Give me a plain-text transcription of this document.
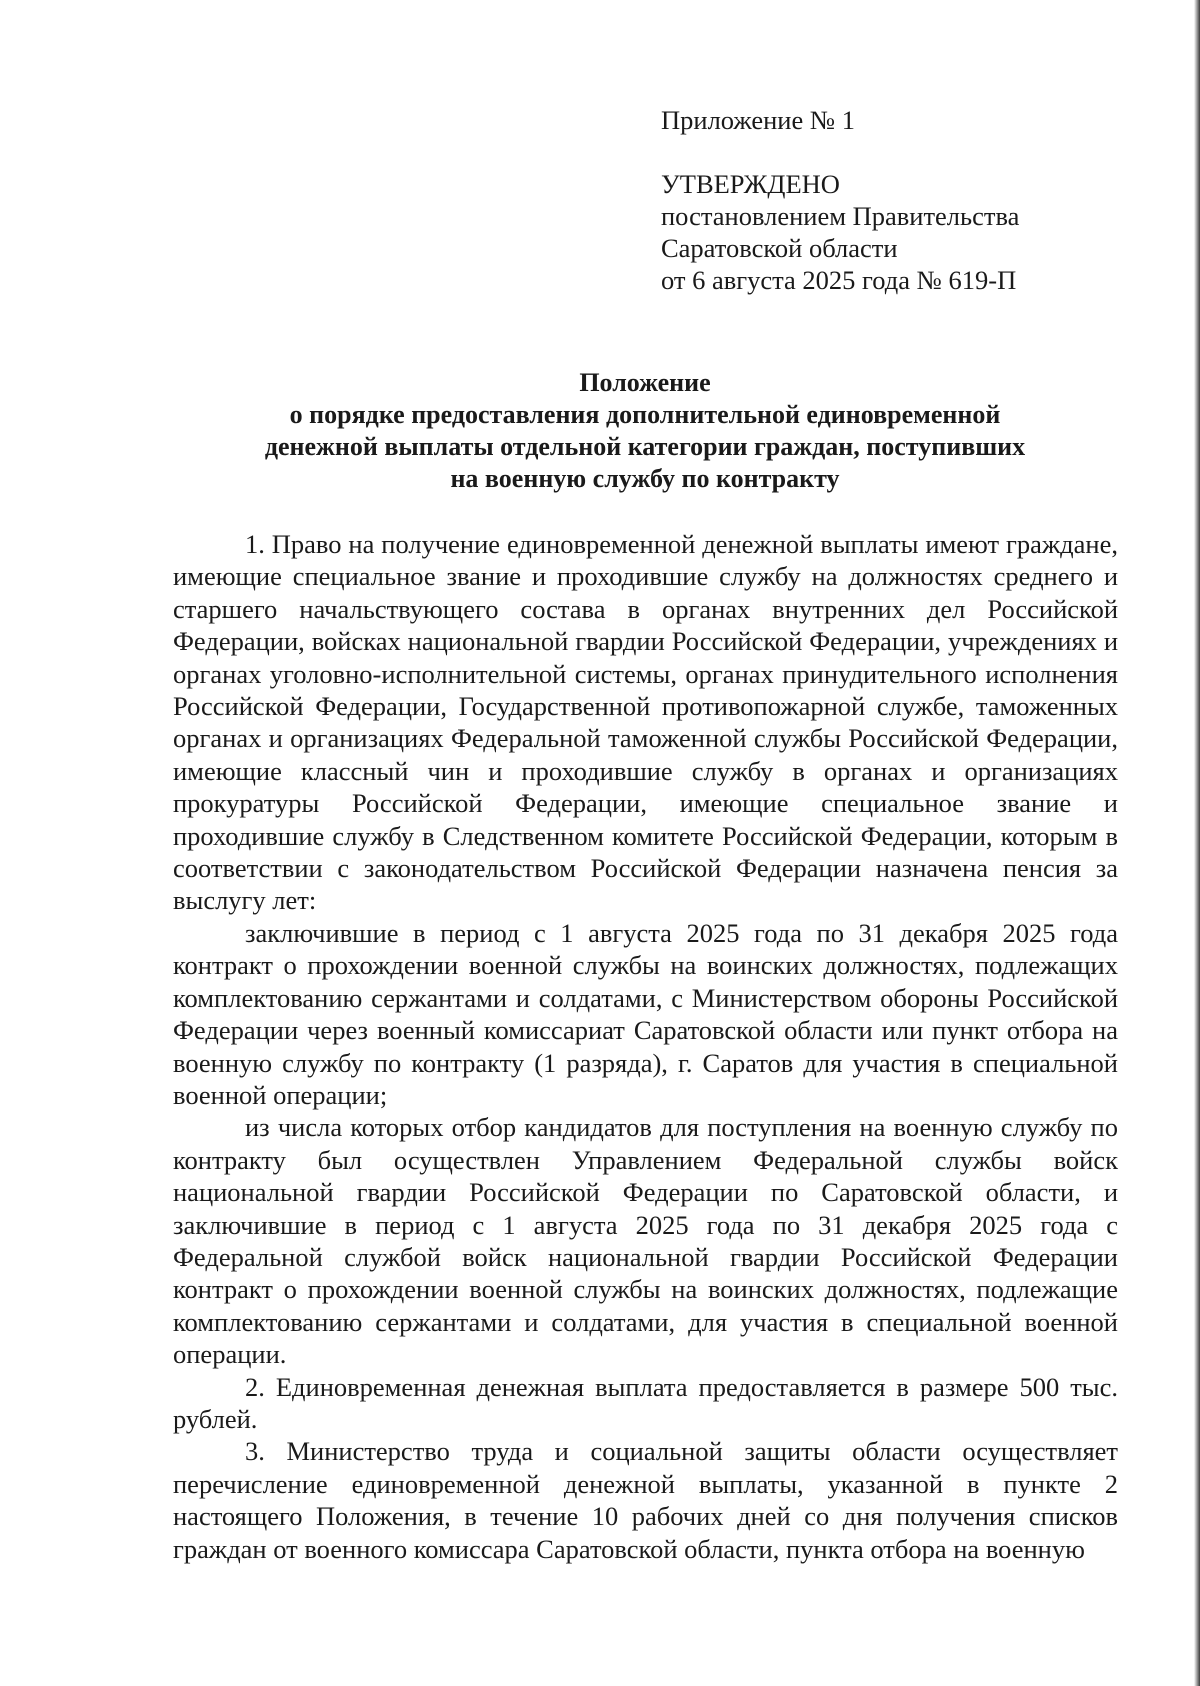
Приложение № 1
УТВЕРЖДЕНО
постановлением Правительства
Саратовской области
от 6 августа 2025 года № 619-П
Положение
о порядке предоставления дополнительной единовременной
денежной выплаты отдельной категории граждан, поступивших
на военную службу по контракту

1. Право на получение единовременной денежной выплаты имеют граждане, имеющие специальное звание и проходившие службу на должностях среднего и старшего начальствующего состава в органах внутренних дел Российской Федерации, войсках национальной гвардии Российской Федерации, учреждениях и органах уголовно-исполнительной системы, органах принудительного исполнения Российской Федерации, Государственной противопожарной службе, таможенных органах и организациях Федеральной таможенной службы Российской Федерации, имеющие классный чин и проходившие службу в органах и организациях прокуратуры Российской Федерации, имеющие специальное звание и проходившие службу в Следственном комитете Российской Федерации, которым в соответствии с законодательством Российской Федерации назначена пенсия за выслугу лет:

заключившие в период с 1 августа 2025 года по 31 декабря 2025 года контракт о прохождении военной службы на воинских должностях, подлежащих комплектованию сержантами и солдатами, с Министерством обороны Российской Федерации через военный комиссариат Саратовской области или пункт отбора на военную службу по контракту (1 разряда), г. Саратов для участия в специальной военной операции;

из числа которых отбор кандидатов для поступления на военную службу по контракту был осуществлен Управлением Федеральной службы войск национальной гвардии Российской Федерации по Саратовской области, и заключившие в период с 1 августа 2025 года по 31 декабря 2025 года с Федеральной службой войск национальной гвардии Российской Федерации контракт о прохождении военной службы на воинских должностях, подлежащие комплектованию сержантами и солдатами, для участия в специальной военной операции.

2. Единовременная денежная выплата предоставляется в размере 500 тыс. рублей.

3. Министерство труда и социальной защиты области осуществляет перечисление единовременной денежной выплаты, указанной в пункте 2 настоящего Положения, в течение 10 рабочих дней со дня получения списков граждан от военного комиссара Саратовской области, пункта отбора на военную
